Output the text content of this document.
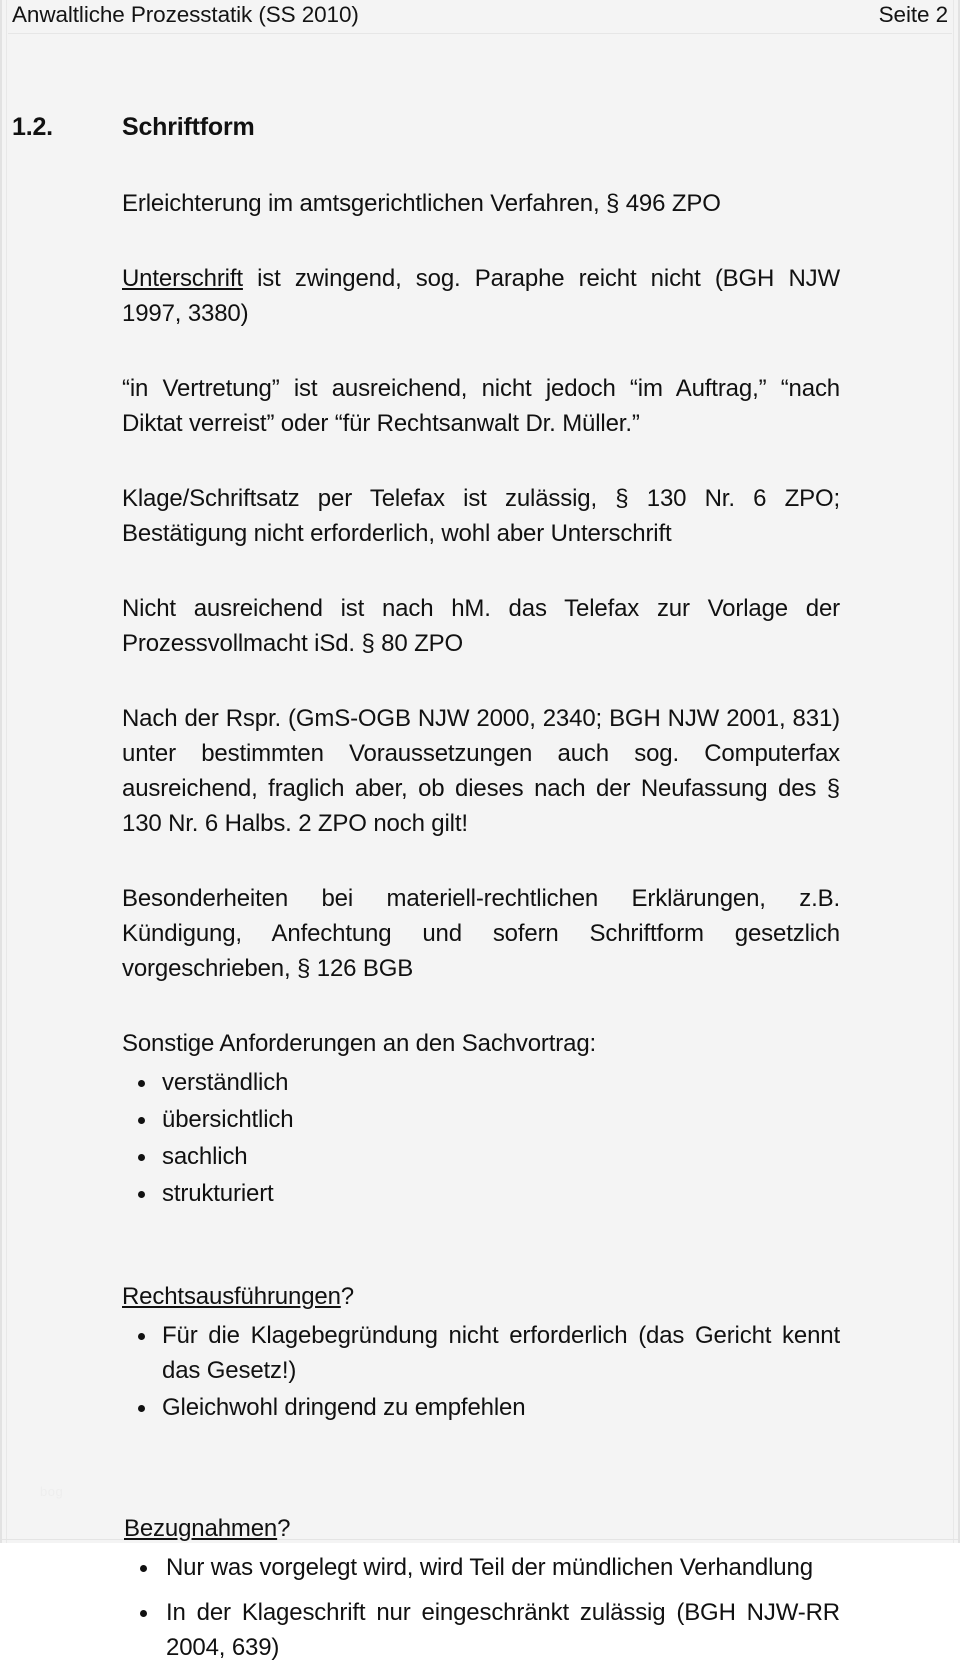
Anwaltliche Prozesstatik (SS 2010)	Seite 2
1.2.	Schriftform

Erleichterung im amtsgerichtlichen Verfahren, § 496 ZPO

Unterschrift ist zwingend, sog. Paraphe reicht nicht (BGH NJW 1997, 3380)

“in Vertretung” ist ausreichend, nicht jedoch “im Auftrag,” “nach Diktat verreist” oder “für Rechtsanwalt Dr. Müller.”

Klage/Schriftsatz per Telefax ist zulässig, § 130 Nr. 6 ZPO; Bestätigung nicht erforderlich, wohl aber Unterschrift

Nicht ausreichend ist nach hM. das Telefax zur Vorlage der Prozessvollmacht iSd. § 80 ZPO

Nach der Rspr. (GmS-OGB NJW 2000, 2340; BGH NJW 2001, 831) unter bestimmten Voraussetzungen auch sog. Computerfax ausreichend, fraglich aber, ob dieses nach der Neufassung des § 130 Nr. 6 Halbs. 2 ZPO noch gilt!

Besonderheiten bei materiell-rechtlichen Erklärungen, z.B. Kündigung, Anfechtung und sofern Schriftform gesetzlich vorgeschrieben, § 126 BGB

Sonstige Anforderungen an den Sachvortrag:

verständlich
übersichtlich
sachlich
strukturiert

Rechtsausführungen?

Für die Klagebegründung nicht erforderlich (das Gericht kennt das Gesetz!)
Gleichwohl dringend zu empfehlen

Bezugnahmen?

Nur was vorgelegt wird, wird Teil der mündlichen Verhandlung
In der Klageschrift nur eingeschränkt zulässig (BGH NJW-RR 2004, 639)
bog
